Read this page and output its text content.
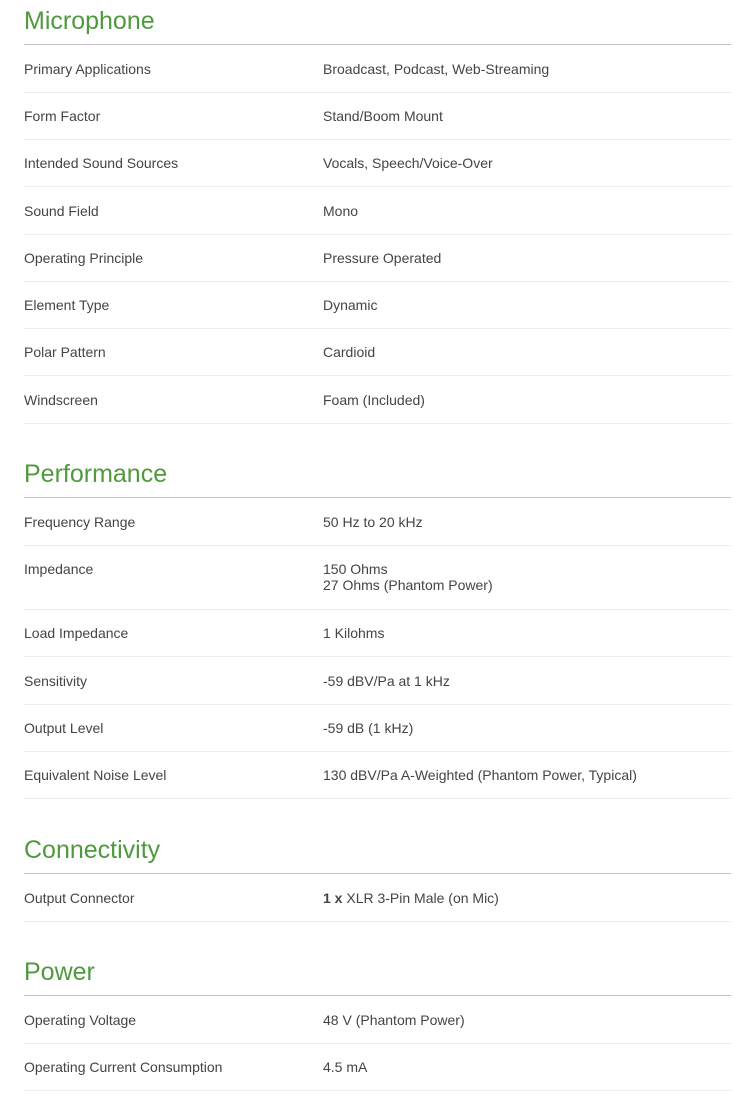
Microphone
Primary Applications	Broadcast, Podcast, Web-Streaming
Form Factor	Stand/Boom Mount
Intended Sound Sources	Vocals, Speech/Voice-Over
Sound Field	Mono
Operating Principle	Pressure Operated
Element Type	Dynamic
Polar Pattern	Cardioid
Windscreen	Foam (Included)
Performance
Frequency Range	50 Hz to 20 kHz
Impedance	150 Ohms
27 Ohms (Phantom Power)
Load Impedance	1 Kilohms
Sensitivity	-59 dBV/Pa at 1 kHz
Output Level	-59 dB (1 kHz)
Equivalent Noise Level	130 dBV/Pa A-Weighted (Phantom Power, Typical)
Connectivity
Output Connector	1 x XLR 3-Pin Male (on Mic)
Power
Operating Voltage	48 V (Phantom Power)
Operating Current Consumption	4.5 mA
